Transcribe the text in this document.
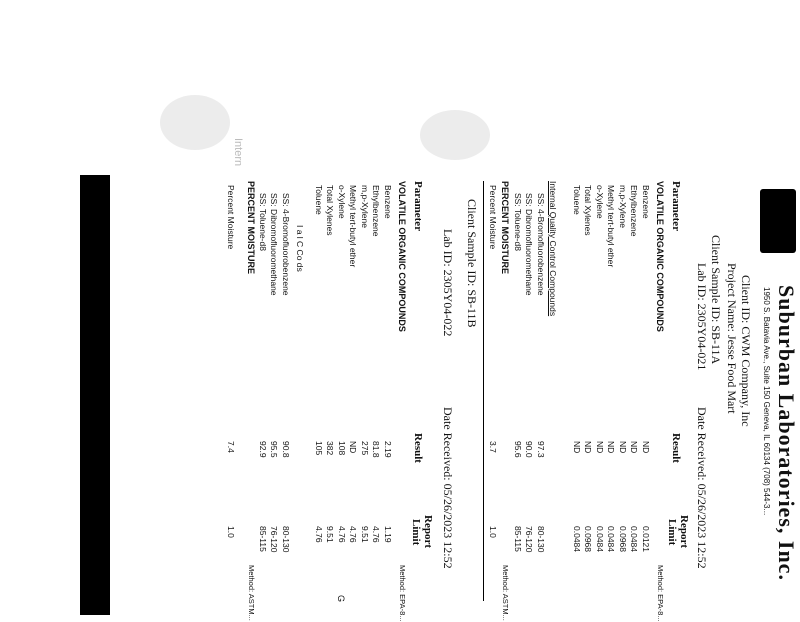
Intern
Suburban Laboratories, Inc.
1950 S. Batavia Ave., Suite 150 Geneva, IL 60134 (708) 544-3...
Client ID: CWM Company, Inc
Project Name: Jesse Food Mart
Client Sample ID: SB-11A
Lab ID: 2305Y04-021
Date Received: 05/26/2023 12:52
Parameter
Result
Report
Limit
VOLATILE ORGANIC COMPOUNDS
Method: EPA-8...
Benzene
ND
0.0121
Ethylbenzene
ND
0.0484
m,p-Xylene
ND
0.0968
Methyl tert-butyl ether
ND
0.0484
o-Xylene
ND
0.0484
Total Xylenes
ND
0.0968
Toluene
ND
0.0484
Internal Quality Control Compounds
SS: 4-Bromofluorobenzene
97.3
80-130
SS: Dibromofluoromethane
90.0
76-120
SS: Toluene-d8
95.6
85-115
PERCENT MOISTURE
Method: ASTM...
Percent Moisture
3.7
1.0
Client Sample ID: SB-11B
Lab ID: 2305Y04-022
Date Received: 05/26/2023 12:52
Parameter
Result
Report
Limit
VOLATILE ORGANIC COMPOUNDS
Method: EPA-8...
Benzene
2.19
1.19
Ethylbenzene
81.8
4.76
m,p-Xylene
275
9.51
Methyl tert-butyl ether
ND
4.76
o-Xylene
108
4.76
Total Xylenes
382
9.51
Toluene
105
4.76
I a l C Co ds
G
SS: 4-Bromofluorobenzene
90.8
80-130
SS: Dibromofluoromethane
95.5
76-120
SS: Toluene-d8
92.9
85-115
PERCENT MOISTURE
Method: ASTM...
Percent Moisture
7.4
1.0
